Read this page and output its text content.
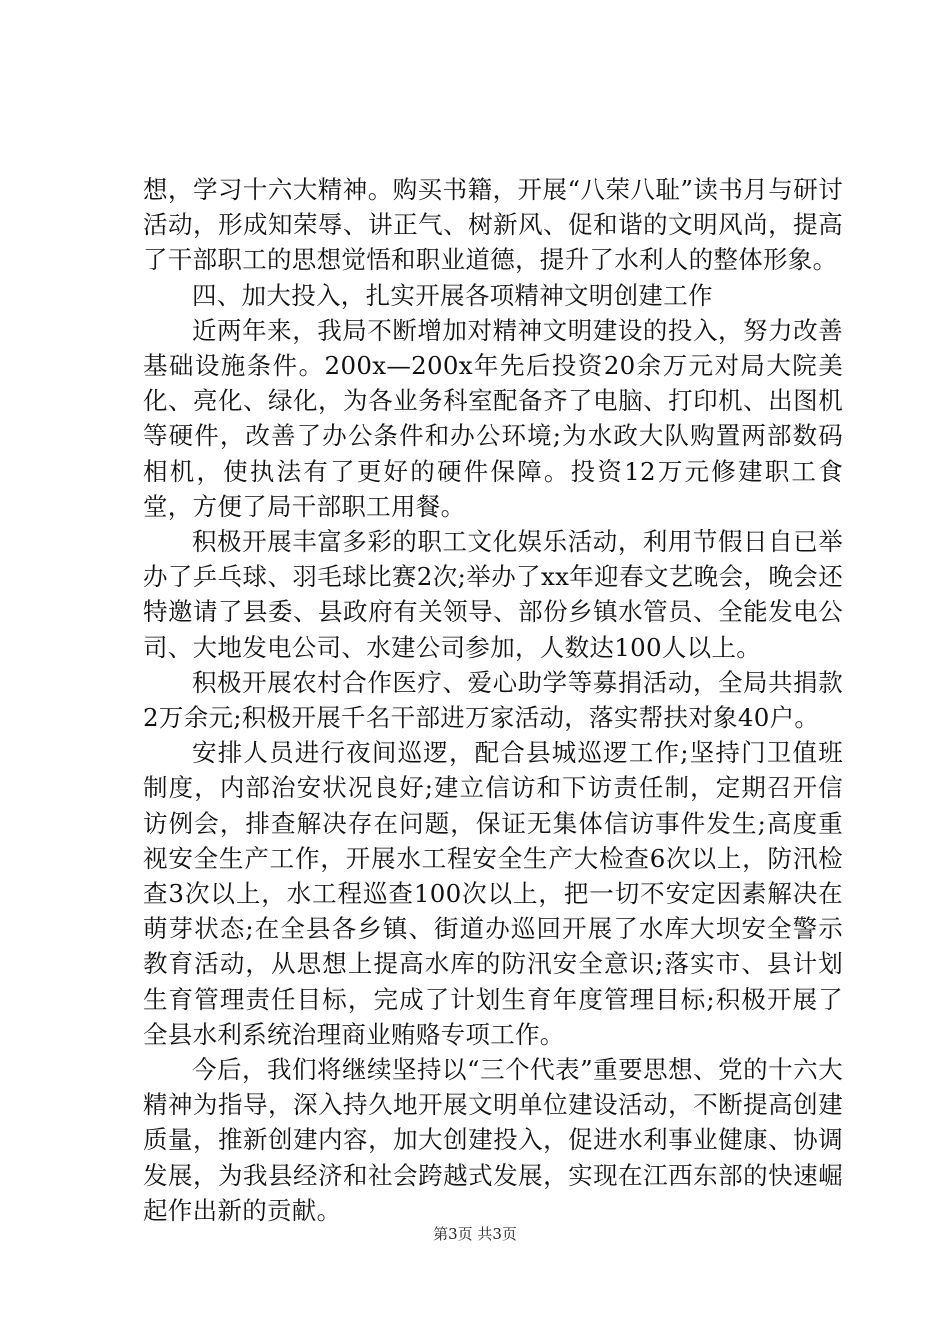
想，学习十六大精神。购买书籍，开展“八荣八耻”读书月与研讨活动，形成知荣辱、讲正气、树新风、促和谐的文明风尚，提高了干部职工的思想觉悟和职业道德，提升了水利人的整体形象。

四、加大投入，扎实开展各项精神文明创建工作

近两年来，我局不断增加对精神文明建设的投入，努力改善基础设施条件。200x—200x年先后投资20余万元对局大院美化、亮化、绿化，为各业务科室配备齐了电脑、打印机、出图机等硬件，改善了办公条件和办公环境;为水政大队购置两部数码相机，使执法有了更好的硬件保障。投资12万元修建职工食堂，方便了局干部职工用餐。

积极开展丰富多彩的职工文化娱乐活动，利用节假日自已举办了乒乓球、羽毛球比赛2次;举办了xx年迎春文艺晚会，晚会还特邀请了县委、县政府有关领导、部份乡镇水管员、全能发电公司、大地发电公司、水建公司参加，人数达100人以上。

积极开展农村合作医疗、爱心助学等募捐活动，全局共捐款2万余元;积极开展千名干部进万家活动，落实帮扶对象40户。

安排人员进行夜间巡逻，配合县城巡逻工作;坚持门卫值班制度，内部治安状况良好;建立信访和下访责任制，定期召开信访例会，排查解决存在问题，保证无集体信访事件发生;高度重视安全生产工作，开展水工程安全生产大检查6次以上，防汛检查3次以上，水工程巡查100次以上，把一切不安定因素解决在萌芽状态;在全县各乡镇、街道办巡回开展了水库大坝安全警示教育活动，从思想上提高水库的防汛安全意识;落实市、县计划生育管理责任目标，完成了计划生育年度管理目标;积极开展了全县水利系统治理商业贿赂专项工作。

今后，我们将继续坚持以“三个代表”重要思想、党的十六大精神为指导，深入持久地开展文明单位建设活动，不断提高创建质量，推新创建内容，加大创建投入，促进水利事业健康、协调发展，为我县经济和社会跨越式发展，实现在江西东部的快速崛起作出新的贡献。

第3页 共3页
